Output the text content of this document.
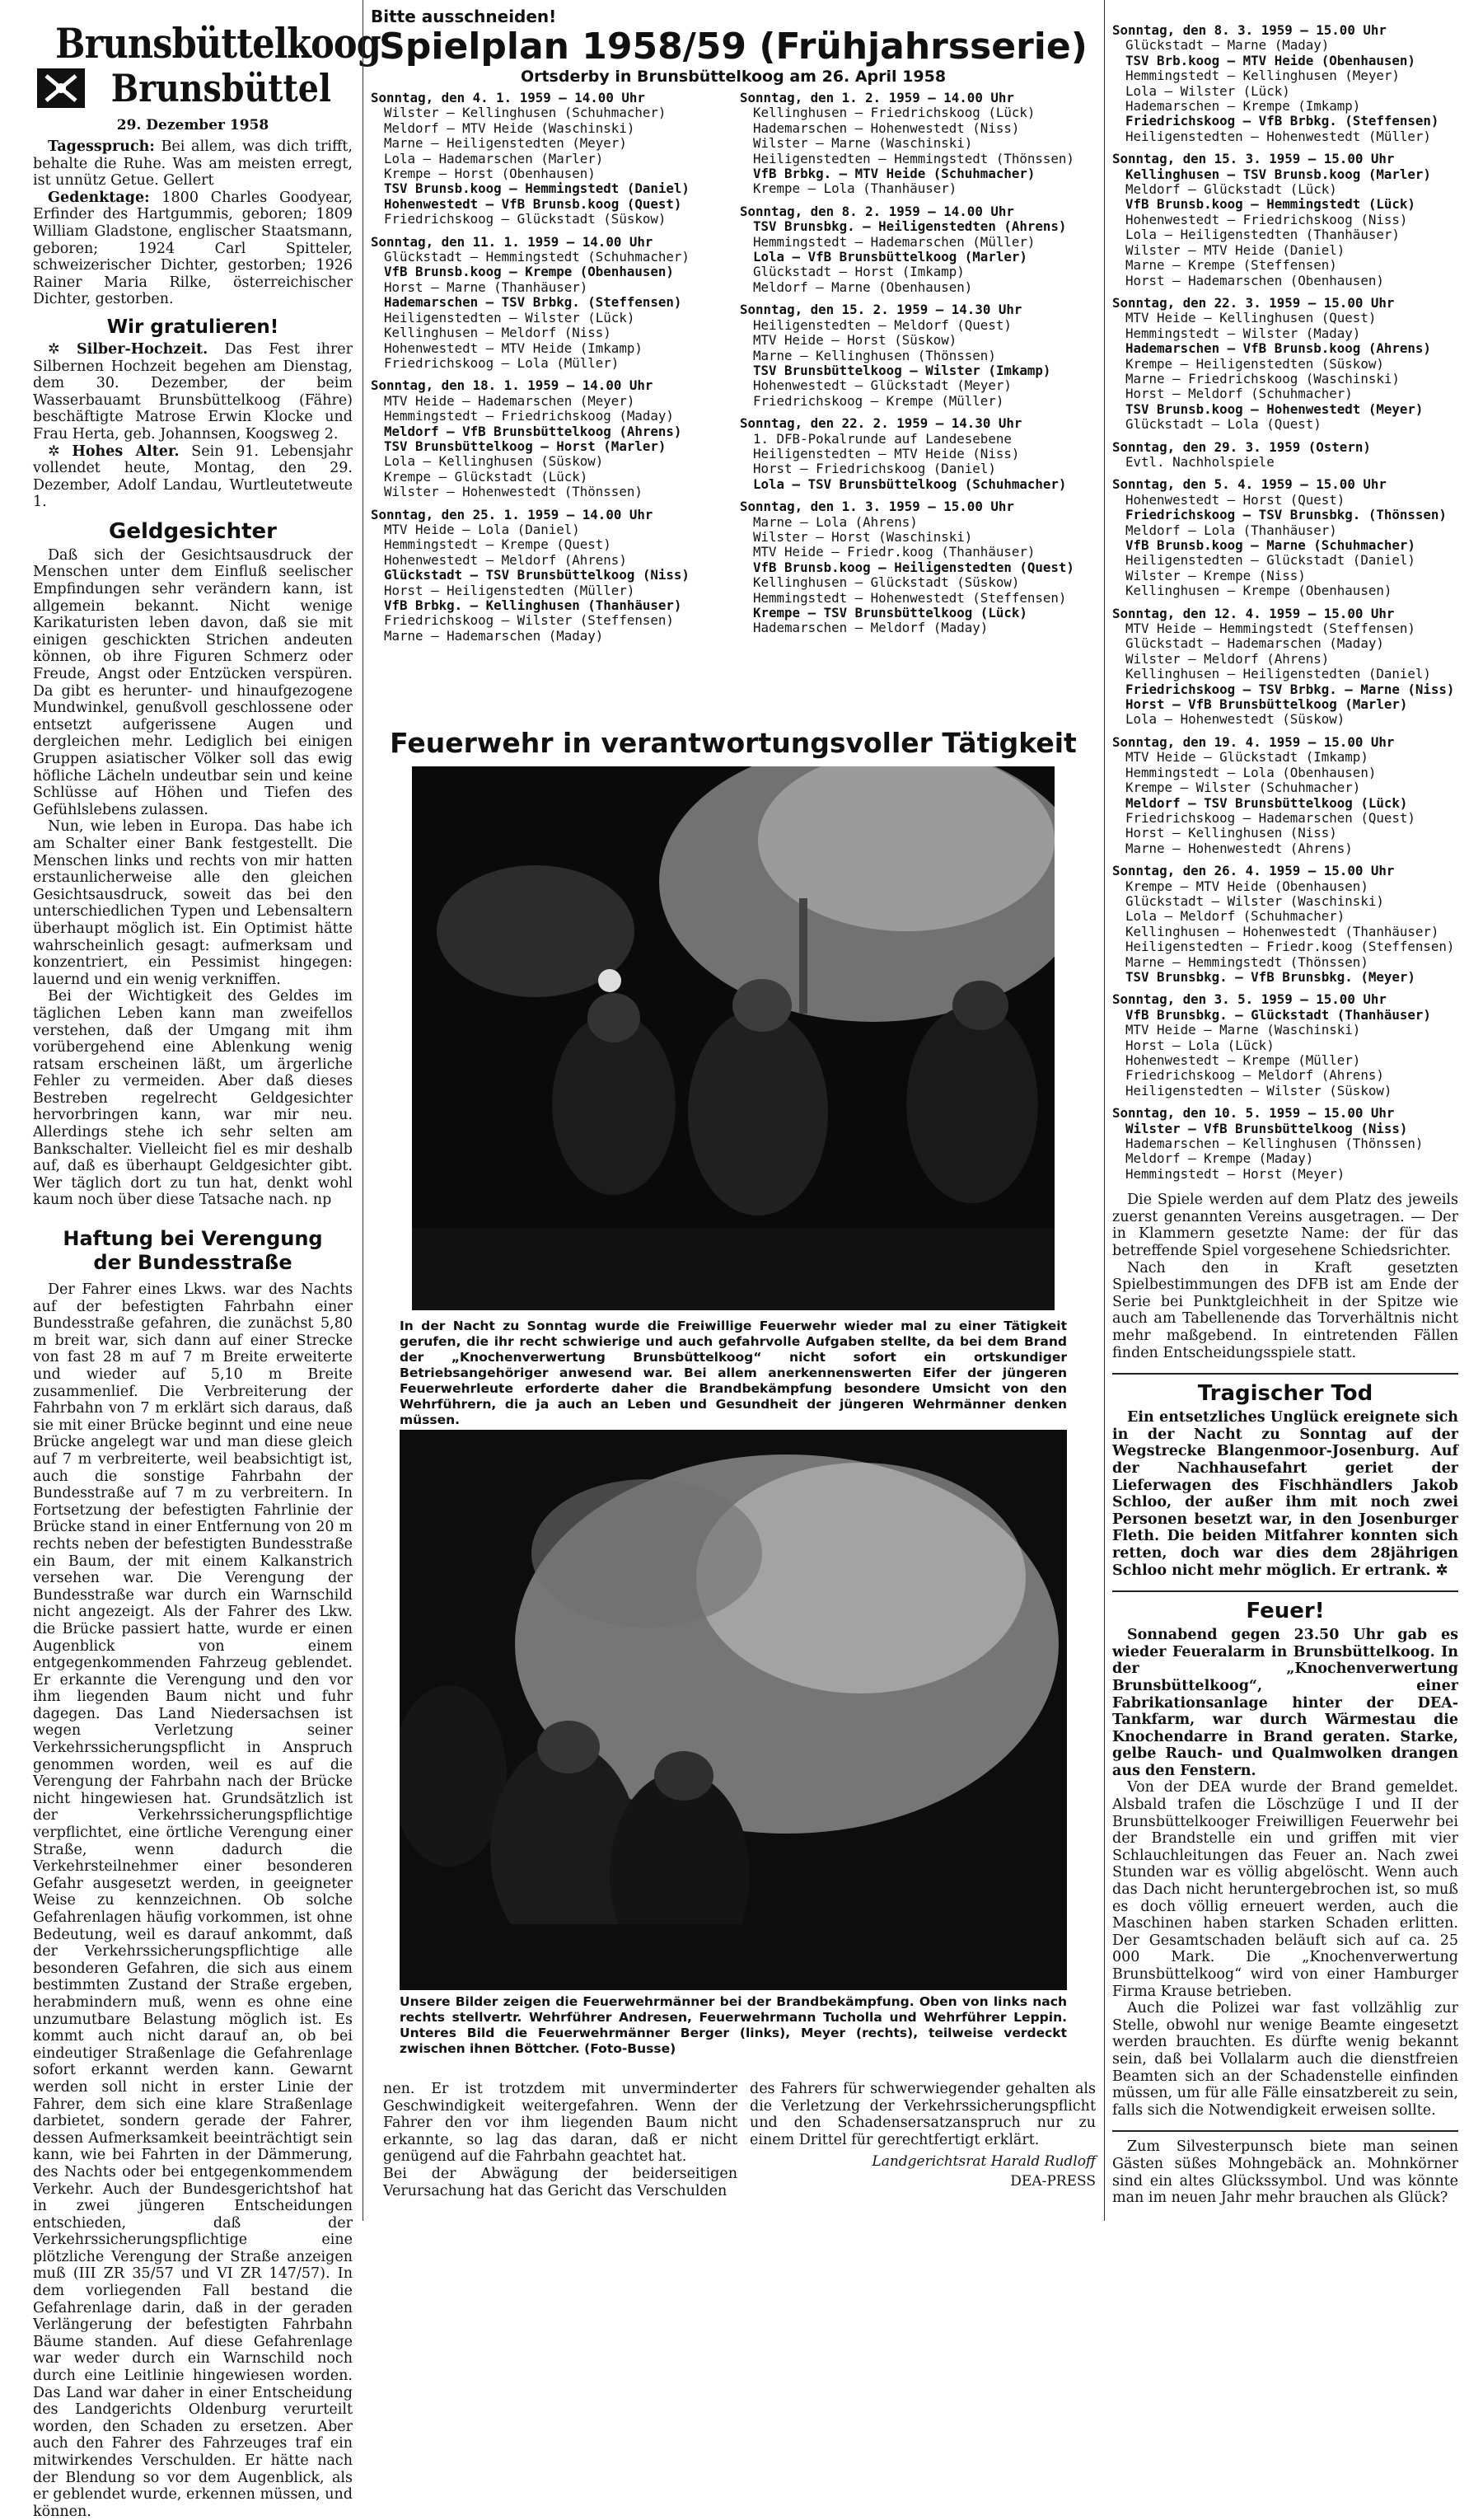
Brunsbüttelkoog
Brunsbüttel
29. Dezember 1958

Tagesspruch: Bei allem, was dich trifft, behalte die Ruhe. Was am meisten erregt, ist unnütz Getue. Gellert

Gedenktage: 1800 Charles Goodyear, Erfinder des Hartgummis, geboren; 1809 William Gladstone, englischer Staatsmann, geboren; 1924 Carl Spitteler, schweizerischer Dichter, gestorben; 1926 Rainer Maria Rilke, österreichischer Dichter, gestorben.

Wir gratulieren!

✲ Silber-Hochzeit. Das Fest ihrer Silbernen Hochzeit begehen am Dienstag, dem 30. Dezember, der beim Wasserbauamt Brunsbüttelkoog (Fähre) beschäftigte Matrose Erwin Klocke und Frau Herta, geb. Johannsen, Koogsweg 2.

✲ Hohes Alter. Sein 91. Lebensjahr vollendet heute, Montag, den 29. Dezember, Adolf Landau, Wurtleutetweute 1.

Geldgesichter

Daß sich der Gesichtsausdruck der Menschen unter dem Einfluß seelischer Empfindungen sehr verändern kann, ist allgemein bekannt. Nicht wenige Karikaturisten leben davon, daß sie mit einigen geschickten Strichen andeuten können, ob ihre Figuren Schmerz oder Freude, Angst oder Entzücken verspüren. Da gibt es herunter- und hinaufgezogene Mundwinkel, genußvoll geschlossene oder entsetzt aufgerissene Augen und dergleichen mehr. Lediglich bei einigen Gruppen asiatischer Völker soll das ewig höfliche Lächeln undeutbar sein und keine Schlüsse auf Höhen und Tiefen des Gefühlslebens zulassen.

Nun, wie leben in Europa. Das habe ich am Schalter einer Bank festgestellt. Die Menschen links und rechts von mir hatten erstaunlicherweise alle den gleichen Gesichtsausdruck, soweit das bei den unterschiedlichen Typen und Lebensaltern überhaupt möglich ist. Ein Optimist hätte wahrscheinlich gesagt: aufmerksam und konzentriert, ein Pessimist hingegen: lauernd und ein wenig verkniffen.

Bei der Wichtigkeit des Geldes im täglichen Leben kann man zweifellos verstehen, daß der Umgang mit ihm vorübergehend eine Ablenkung wenig ratsam erscheinen läßt, um ärgerliche Fehler zu vermeiden. Aber daß dieses Bestreben regelrecht Geldgesichter hervorbringen kann, war mir neu. Allerdings stehe ich sehr selten am Bankschalter. Vielleicht fiel es mir deshalb auf, daß es überhaupt Geldgesichter gibt. Wer täglich dort zu tun hat, denkt wohl kaum noch über diese Tatsache nach. np

Haftung bei Verengung der Bundesstraße

Der Fahrer eines Lkws. war des Nachts auf der befestigten Fahrbahn einer Bundesstraße gefahren, die zunächst 5,80 m breit war, sich dann auf einer Strecke von fast 28 m auf 7 m Breite erweiterte und wieder auf 5,10 m Breite zusammenlief. Die Verbreiterung der Fahrbahn von 7 m erklärt sich daraus, daß sie mit einer Brücke beginnt und eine neue Brücke angelegt war und man diese gleich auf 7 m verbreiterte, weil beabsichtigt ist, auch die sonstige Fahrbahn der Bundesstraße auf 7 m zu verbreitern. In Fortsetzung der befestigten Fahrlinie der Brücke stand in einer Entfernung von 20 m rechts neben der befestigten Bundesstraße ein Baum, der mit einem Kalkanstrich versehen war. Die Verengung der Bundesstraße war durch ein Warnschild nicht angezeigt. Als der Fahrer des Lkw. die Brücke passiert hatte, wurde er einen Augenblick von einem entgegenkommenden Fahrzeug geblendet. Er erkannte die Verengung und den vor ihm liegenden Baum nicht und fuhr dagegen. Das Land Niedersachsen ist wegen Verletzung seiner Verkehrssicherungspflicht in Anspruch genommen worden, weil es auf die Verengung der Fahrbahn nach der Brücke nicht hingewiesen hat. Grundsätzlich ist der Verkehrssicherungspflichtige verpflichtet, eine örtliche Verengung einer Straße, wenn dadurch die Verkehrsteilnehmer einer besonderen Gefahr ausgesetzt werden, in geeigneter Weise zu kennzeichnen. Ob solche Gefahrenlagen häufig vorkommen, ist ohne Bedeutung, weil es darauf ankommt, daß der Verkehrssicherungspflichtige alle besonderen Gefahren, die sich aus einem bestimmten Zustand der Straße ergeben, herabmindern muß, wenn es ohne eine unzumutbare Belastung möglich ist. Es kommt auch nicht darauf an, ob bei eindeutiger Straßenlage die Gefahrenlage sofort erkannt werden kann. Gewarnt werden soll nicht in erster Linie der Fahrer, dem sich eine klare Straßenlage darbietet, sondern gerade der Fahrer, dessen Aufmerksamkeit beeinträchtigt sein kann, wie bei Fahrten in der Dämmerung, des Nachts oder bei entgegenkommendem Verkehr. Auch der Bundesgerichtshof hat in zwei jüngeren Entscheidungen entschieden, daß der Verkehrssicherungspflichtige eine plötzliche Verengung der Straße anzeigen muß (III ZR 35/57 und VI ZR 147/57). In dem vorliegenden Fall bestand die Gefahrenlage darin, daß in der geraden Verlängerung der befestigten Fahrbahn Bäume standen. Auf diese Gefahrenlage war weder durch ein Warnschild noch durch eine Leitlinie hingewiesen worden. Das Land war daher in einer Entscheidung des Landgerichts Oldenburg verurteilt worden, den Schaden zu ersetzen. Aber auch den Fahrer des Fahrzeuges traf ein mitwirkendes Verschulden. Er hätte nach der Blendung so vor dem Augenblick, als er geblendet wurde, erkennen müssen, und können.

Bitte ausschneiden!
Spielplan 1958/59 (Frühjahrsserie)
Ortsderby in Brunsbüttelkoog am 26. April 1958
Sonntag, den 4. 1. 1959 — 14.00 Uhr
Wilster — Kellinghusen (Schuhmacher)
Meldorf — MTV Heide (Waschinski)
Marne — Heiligenstedten (Meyer)
Lola — Hademarschen (Marler)
Krempe — Horst (Obenhausen)
TSV Brunsb.koog — Hemmingstedt (Daniel)
Hohenwestedt — VfB Brunsb.koog (Quest)
Friedrichskoog — Glückstadt (Süskow)
Sonntag, den 11. 1. 1959 — 14.00 Uhr
Glückstadt — Hemmingstedt (Schuhmacher)
VfB Brunsb.koog — Krempe (Obenhausen)
Horst — Marne (Thanhäuser)
Hademarschen — TSV Brbkg. (Steffensen)
Heiligenstedten — Wilster (Lück)
Kellinghusen — Meldorf (Niss)
Hohenwestedt — MTV Heide (Imkamp)
Friedrichskoog — Lola (Müller)
Sonntag, den 18. 1. 1959 — 14.00 Uhr
MTV Heide — Hademarschen (Meyer)
Hemmingstedt — Friedrichskoog (Maday)
Meldorf — VfB Brunsbüttelkoog (Ahrens)
TSV Brunsbüttelkoog — Horst (Marler)
Lola — Kellinghusen (Süskow)
Krempe — Glückstadt (Lück)
Wilster — Hohenwestedt (Thönssen)
Sonntag, den 25. 1. 1959 — 14.00 Uhr
MTV Heide — Lola (Daniel)
Hemmingstedt — Krempe (Quest)
Hohenwestedt — Meldorf (Ahrens)
Glückstadt — TSV Brunsbüttelkoog (Niss)
Horst — Heiligenstedten (Müller)
VfB Brbkg. — Kellinghusen (Thanhäuser)
Friedrichskoog — Wilster (Steffensen)
Marne — Hademarschen (Maday)
Sonntag, den 1. 2. 1959 — 14.00 Uhr
Kellinghusen — Friedrichskoog (Lück)
Hademarschen — Hohenwestedt (Niss)
Wilster — Marne (Waschinski)
Heiligenstedten — Hemmingstedt (Thönssen)
VfB Brbkg. — MTV Heide (Schuhmacher)
Krempe — Lola (Thanhäuser)
Sonntag, den 8. 2. 1959 — 14.00 Uhr
TSV Brunsbkg. — Heiligenstedten (Ahrens)
Hemmingstedt — Hademarschen (Müller)
Lola — VfB Brunsbüttelkoog (Marler)
Glückstadt — Horst (Imkamp)
Meldorf — Marne (Obenhausen)
Sonntag, den 15. 2. 1959 — 14.30 Uhr
Heiligenstedten — Meldorf (Quest)
MTV Heide — Horst (Süskow)
Marne — Kellinghusen (Thönssen)
TSV Brunsbüttelkoog — Wilster (Imkamp)
Hohenwestedt — Glückstadt (Meyer)
Friedrichskoog — Krempe (Müller)
Sonntag, den 22. 2. 1959 — 14.30 Uhr
1. DFB-Pokalrunde auf Landesebene
Heiligenstedten — MTV Heide (Niss)
Horst — Friedrichskoog (Daniel)
Lola — TSV Brunsbüttelkoog (Schuhmacher)
Sonntag, den 1. 3. 1959 — 15.00 Uhr
Marne — Lola (Ahrens)
Wilster — Horst (Waschinski)
MTV Heide — Friedr.koog (Thanhäuser)
VfB Brunsb.koog — Heiligenstedten (Quest)
Kellinghusen — Glückstadt (Süskow)
Hemmingstedt — Hohenwestedt (Steffensen)
Krempe — TSV Brunsbüttelkoog (Lück)
Hademarschen — Meldorf (Maday)
Feuerwehr in verantwortungsvoller Tätigkeit
In der Nacht zu Sonntag wurde die Freiwillige Feuerwehr wieder mal zu einer Tätigkeit gerufen, die ihr recht schwierige und auch gefahrvolle Aufgaben stellte, da bei dem Brand der „Knochenverwertung Brunsbüttelkoog“ nicht sofort ein ortskundiger Betriebsangehöriger anwesend war. Bei allem anerkennenswerten Eifer der jüngeren Feuerwehrleute erforderte daher die Brandbekämpfung besondere Umsicht von den Wehrführern, die ja auch an Leben und Gesundheit der jüngeren Wehrmänner denken müssen.
Unsere Bilder zeigen die Feuerwehrmänner bei der Brandbekämpfung. Oben von links nach rechts stellvertr. Wehrführer Andresen, Feuerwehrmann Tucholla und Wehrführer Leppin. Unteres Bild die Feuerwehrmänner Berger (links), Meyer (rechts), teilweise verdeckt zwischen ihnen Böttcher. (Foto-Busse)
nen. Er ist trotzdem mit unverminderter Geschwindigkeit weitergefahren. Wenn der Fahrer den vor ihm liegenden Baum nicht erkannte, so lag das daran, daß er nicht genügend auf die Fahrbahn geachtet hat.
Bei der Abwägung der beiderseitigen Verursachung hat das Gericht das Verschulden
des Fahrers für schwerwiegender gehalten als die Verletzung der Verkehrssicherungspflicht und den Schadensersatzanspruch nur zu einem Drittel für gerechtfertigt erklärt.
Landgerichtsrat Harald Rudloff
DEA-PRESS
Sonntag, den 8. 3. 1959 — 15.00 Uhr
Glückstadt — Marne (Maday)
TSV Brb.koog — MTV Heide (Obenhausen)
Hemmingstedt — Kellinghusen (Meyer)
Lola — Wilster (Lück)
Hademarschen — Krempe (Imkamp)
Friedrichskoog — VfB Brbkg. (Steffensen)
Heiligenstedten — Hohenwestedt (Müller)
Sonntag, den 15. 3. 1959 — 15.00 Uhr
Kellinghusen — TSV Brunsb.koog (Marler)
Meldorf — Glückstadt (Lück)
VfB Brunsb.koog — Hemmingstedt (Lück)
Hohenwestedt — Friedrichskoog (Niss)
Lola — Heiligenstedten (Thanhäuser)
Wilster — MTV Heide (Daniel)
Marne — Krempe (Steffensen)
Horst — Hademarschen (Obenhausen)
Sonntag, den 22. 3. 1959 — 15.00 Uhr
MTV Heide — Kellinghusen (Quest)
Hemmingstedt — Wilster (Maday)
Hademarschen — VfB Brunsb.koog (Ahrens)
Krempe — Heiligenstedten (Süskow)
Marne — Friedrichskoog (Waschinski)
Horst — Meldorf (Schuhmacher)
TSV Brunsb.koog — Hohenwestedt (Meyer)
Glückstadt — Lola (Quest)
Sonntag, den 29. 3. 1959 (Ostern)
Evtl. Nachholspiele
Sonntag, den 5. 4. 1959 — 15.00 Uhr
Hohenwestedt — Horst (Quest)
Friedrichskoog — TSV Brunsbkg. (Thönssen)
Meldorf — Lola (Thanhäuser)
VfB Brunsb.koog — Marne (Schuhmacher)
Heiligenstedten — Glückstadt (Daniel)
Wilster — Krempe (Niss)
Kellinghusen — Krempe (Obenhausen)
Sonntag, den 12. 4. 1959 — 15.00 Uhr
MTV Heide — Hemmingstedt (Steffensen)
Glückstadt — Hademarschen (Maday)
Wilster — Meldorf (Ahrens)
Kellinghusen — Heiligenstedten (Daniel)
Friedrichskoog — TSV Brbkg. — Marne (Niss)
Horst — VfB Brunsbüttelkoog (Marler)
Lola — Hohenwestedt (Süskow)
Sonntag, den 19. 4. 1959 — 15.00 Uhr
MTV Heide — Glückstadt (Imkamp)
Hemmingstedt — Lola (Obenhausen)
Krempe — Wilster (Schuhmacher)
Meldorf — TSV Brunsbüttelkoog (Lück)
Friedrichskoog — Hademarschen (Quest)
Horst — Kellinghusen (Niss)
Marne — Hohenwestedt (Ahrens)
Sonntag, den 26. 4. 1959 — 15.00 Uhr
Krempe — MTV Heide (Obenhausen)
Glückstadt — Wilster (Waschinski)
Lola — Meldorf (Schuhmacher)
Kellinghusen — Hohenwestedt (Thanhäuser)
Heiligenstedten — Friedr.koog (Steffensen)
Marne — Hemmingstedt (Thönssen)
TSV Brunsbkg. — VfB Brunsbkg. (Meyer)
Sonntag, den 3. 5. 1959 — 15.00 Uhr
VfB Brunsbkg. — Glückstadt (Thanhäuser)
MTV Heide — Marne (Waschinski)
Horst — Lola (Lück)
Hohenwestedt — Krempe (Müller)
Friedrichskoog — Meldorf (Ahrens)
Heiligenstedten — Wilster (Süskow)
Sonntag, den 10. 5. 1959 — 15.00 Uhr
Wilster — VfB Brunsbüttelkoog (Niss)
Hademarschen — Kellinghusen (Thönssen)
Meldorf — Krempe (Maday)
Hemmingstedt — Horst (Meyer)

Die Spiele werden auf dem Platz des jeweils zuerst genannten Vereins ausgetragen. — Der in Klammern gesetzte Name: der für das betreffende Spiel vorgesehene Schiedsrichter.

Nach den in Kraft gesetzten Spielbestimmungen des DFB ist am Ende der Serie bei Punktgleichheit in der Spitze wie auch am Tabellenende das Torverhältnis nicht mehr maßgebend. In eintretenden Fällen finden Entscheidungsspiele statt.

Tragischer Tod

Ein entsetzliches Unglück ereignete sich in der Nacht zu Sonntag auf der Wegstrecke Blangenmoor-Josenburg. Auf der Nachhausefahrt geriet der Lieferwagen des Fischhändlers Jakob Schloo, der außer ihm mit noch zwei Personen besetzt war, in den Josenburger Fleth. Die beiden Mitfahrer konnten sich retten, doch war dies dem 28jährigen Schloo nicht mehr möglich. Er ertrank. ✲

Feuer!

Sonnabend gegen 23.50 Uhr gab es wieder Feueralarm in Brunsbüttelkoog. In der „Knochenverwertung Brunsbüttelkoog“, einer Fabrikationsanlage hinter der DEA-Tankfarm, war durch Wärmestau die Knochendarre in Brand geraten. Starke, gelbe Rauch- und Qualmwolken drangen aus den Fenstern.

Von der DEA wurde der Brand gemeldet. Alsbald trafen die Löschzüge I und II der Brunsbüttelkooger Freiwilligen Feuerwehr bei der Brandstelle ein und griffen mit vier Schlauchleitungen das Feuer an. Nach zwei Stunden war es völlig abgelöscht. Wenn auch das Dach nicht heruntergebrochen ist, so muß es doch völlig erneuert werden, auch die Maschinen haben starken Schaden erlitten. Der Gesamtschaden beläuft sich auf ca. 25 000 Mark. Die „Knochenverwertung Brunsbüttelkoog“ wird von einer Hamburger Firma Krause betrieben.

Auch die Polizei war fast vollzählig zur Stelle, obwohl nur wenige Beamte eingesetzt werden brauchten. Es dürfte wenig bekannt sein, daß bei Vollalarm auch die dienstfreien Beamten sich an der Schadenstelle einfinden müssen, um für alle Fälle einsatzbereit zu sein, falls sich die Notwendigkeit erweisen sollte.

Zum Silvesterpunsch biete man seinen Gästen süßes Mohngebäck an. Mohnkörner sind ein altes Glückssymbol. Und was könnte man im neuen Jahr mehr brauchen als Glück?
